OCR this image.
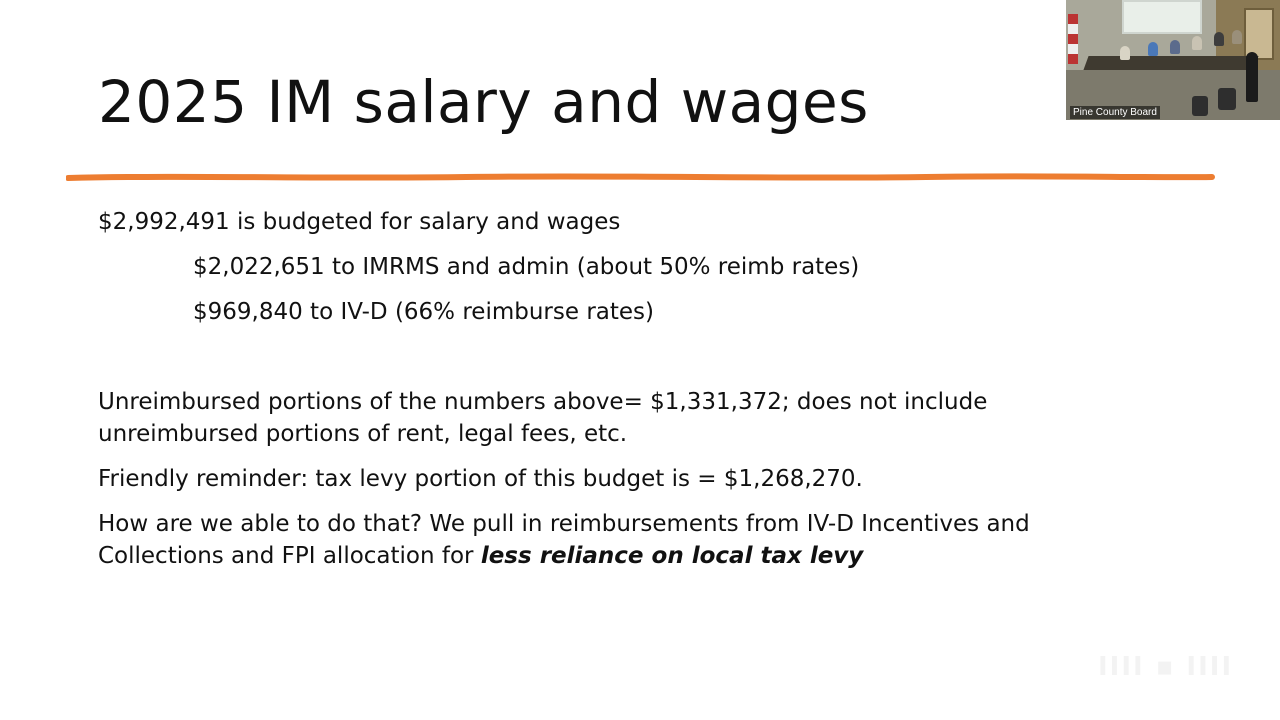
2025 IM salary and wages
$2,992,491 is budgeted for salary and wages
$2,022,651 to IMRMS and admin (about 50% reimb rates)
$969,840 to IV-D (66% reimburse rates)
Unreimbursed portions of the numbers above= $1,331,372; does not include
unreimbursed portions of rent, legal fees, etc.
Friendly reminder: tax levy portion of this budget is = $1,268,270.
How are we able to do that? We pull in reimbursements from IV-D Incentives and
Collections and FPI allocation for less reliance on local tax levy
IIII ▪ IIII
Pine County Board
